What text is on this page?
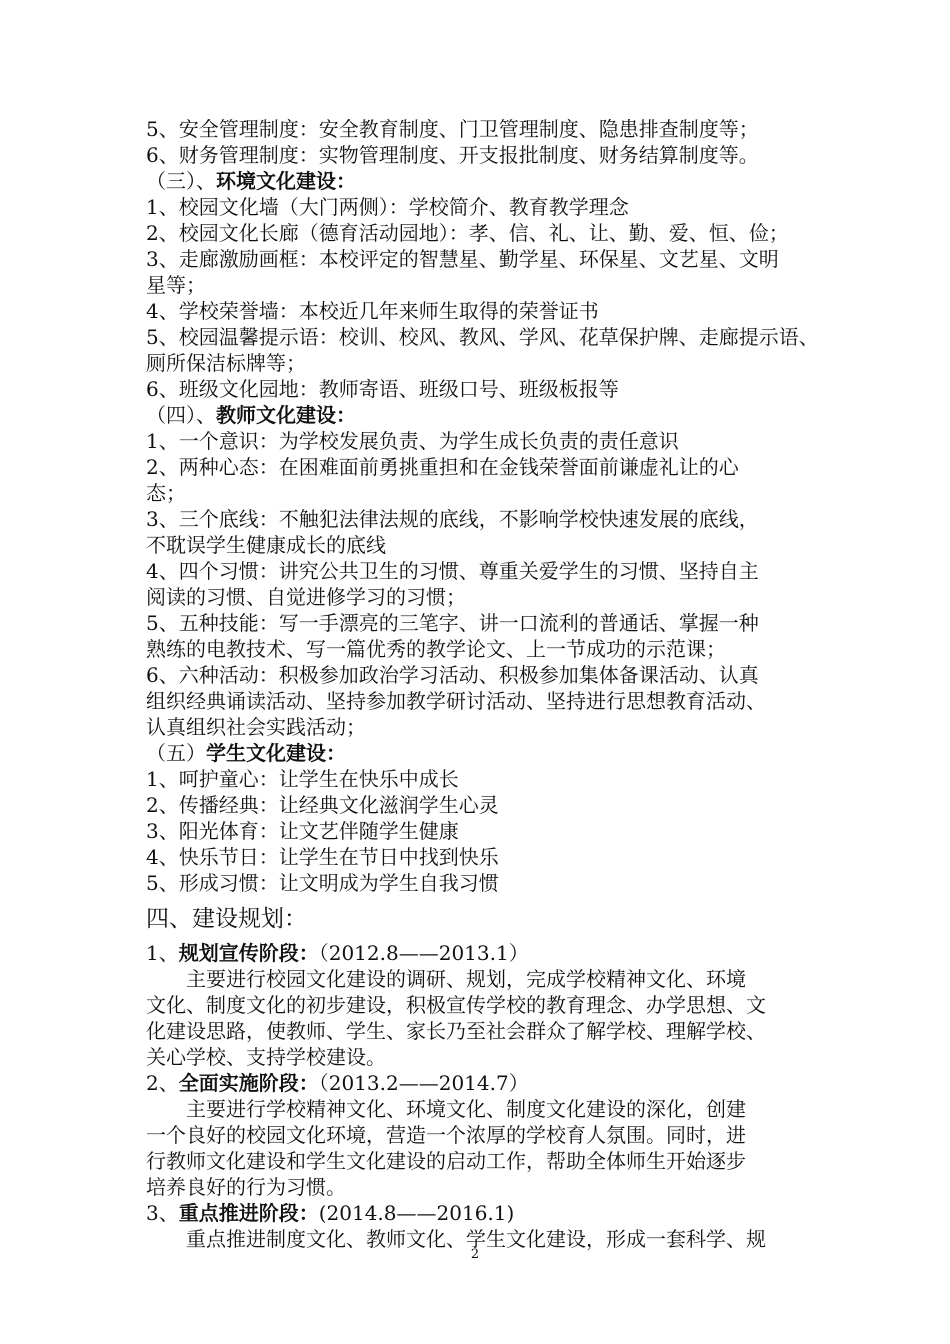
5、安全管理制度：安全教育制度、门卫管理制度、隐患排查制度等；

6、财务管理制度：实物管理制度、开支报批制度、财务结算制度等。

（三）、环境文化建设：

1、校园文化墙（大门两侧）：学校简介、教育教学理念

2、校园文化长廊（德育活动园地）：孝、信、礼、让、勤、爱、恒、俭；

3、走廊激励画框：本校评定的智慧星、勤学星、环保星、文艺星、文明

星等；

4、学校荣誉墙：本校近几年来师生取得的荣誉证书

5、校园温馨提示语：校训、校风、教风、学风、花草保护牌、走廊提示语、

厕所保洁标牌等；

6、班级文化园地：教师寄语、班级口号、班级板报等

（四）、教师文化建设：

1、一个意识：为学校发展负责、为学生成长负责的责任意识

2、两种心态：在困难面前勇挑重担和在金钱荣誉面前谦虚礼让的心

态；

3、三个底线：不触犯法律法规的底线，不影响学校快速发展的底线，

不耽误学生健康成长的底线

4、四个习惯：讲究公共卫生的习惯、尊重关爱学生的习惯、坚持自主

阅读的习惯、自觉进修学习的习惯；

5、五种技能：写一手漂亮的三笔字、讲一口流利的普通话、掌握一种

熟练的电教技术、写一篇优秀的教学论文、上一节成功的示范课；

6、六种活动：积极参加政治学习活动、积极参加集体备课活动、认真

组织经典诵读活动、坚持参加教学研讨活动、坚持进行思想教育活动、

认真组织社会实践活动；

（五）学生文化建设：

1、呵护童心：让学生在快乐中成长

2、传播经典：让经典文化滋润学生心灵

3、阳光体育：让文艺伴随学生健康

4、快乐节日：让学生在节日中找到快乐

5、形成习惯：让文明成为学生自我习惯

四、建设规划：

1、规划宣传阶段：（2012.8——2013.1）

主要进行校园文化建设的调研、规划，完成学校精神文化、环境

文化、制度文化的初步建设，积极宣传学校的教育理念、办学思想、文

化建设思路，使教师、学生、家长乃至社会群众了解学校、理解学校、

关心学校、支持学校建设。

2、全面实施阶段：（2013.2——2014.7）

主要进行学校精神文化、环境文化、制度文化建设的深化，创建

一个良好的校园文化环境，营造一个浓厚的学校育人氛围。同时，进

行教师文化建设和学生文化建设的启动工作，帮助全体师生开始逐步

培养良好的行为习惯。

3、重点推进阶段：(2014.8——2016.1)

重点推进制度文化、教师文化、学生文化建设，形成一套科学、规

2
